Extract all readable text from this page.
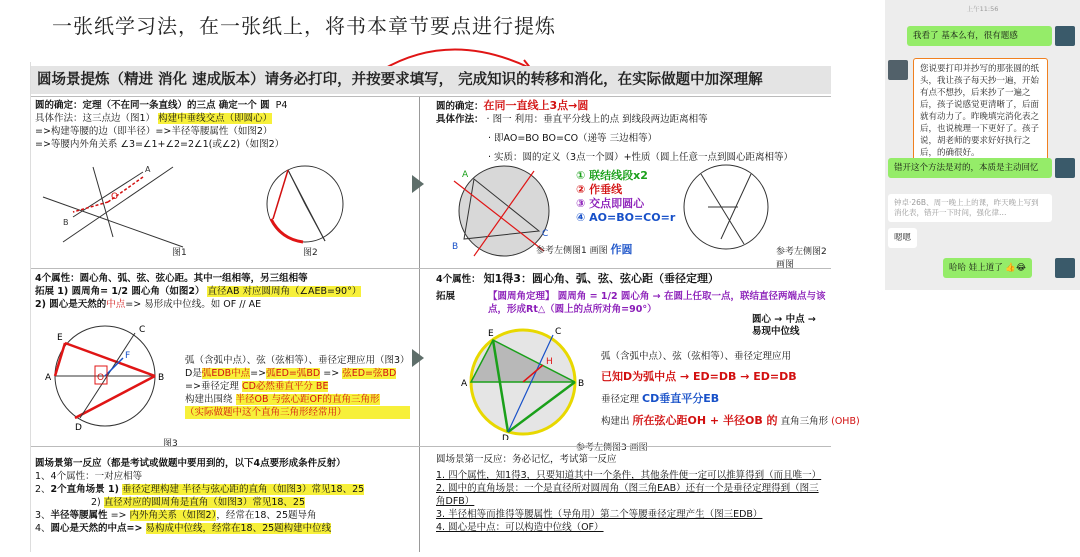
一张纸学习法，在一张纸上，将书本章节要点进行提炼
圆场景提炼（精进 消化 速成版本）请务必打印，并按要求填写， 完成知识的转移和消化，在实际做题中加深理解
圆的确定：定理（不在同一条直线）的三点 确定一个 圆 P4
具体作法：这三点边（图1） 构建中垂线交点（即圆心）
=>构建等腰的边（即半径）=>半径等腰属性（如图2）
=>等腰内外角关系 ∠3=∠1+∠2=2∠1(或∠2)（如图2）
O
B
A
图1	图2
圆的确定：在同一直线上3点→圆
具体作法： · 图一 利用：垂直平分线上的点 到线段两边距离相等
· 即AO=BO BO=CO（递等 三边相等）
· 实质：圆的定义（3点一个圆）+性质（圆上任意一点到圆心距离相等）
A
B
C
① 联结线段x2
② 作垂线
③ 交点即圆心
④ AO=BO=CO=r
参考左侧图1 画图 作圆	参考左侧图2 画图
4个属性：圆心角、弧、弦、弦心距。其中一组相等，另三组相等
拓展 1) 圆周角= 1/2 圆心角（如图2） 直径AB 对应圆周角（∠AEB=90°）
2) 圆心是天然的中点=> 易形成中位线。如 OF // AE
E
C
A	B
D
F
O
图3
弧（含弧中点）、弦（弦相等）、垂径定理应用（图3）
D是弧EDB中点=>弧ED=弧BD => 弦ED=弦BD
=>垂径定理 CD必然垂直平分 BE
构建出围绕 半径OB 与弦心距OF的直角三角形
（实际做题中这个直角三角形经常用）
4个属性： 知1得3：圆心角、弧、弦、弦心距（垂径定理）
拓展	【圆周角定理】 圆周角 = 1/2 圆心角 → 在圆上任取一点，联结直径两端点与该点，形成Rt△（圆上的点所对角=90°）
E	C
A	B
D
H
圆心 → 中点 → 易现中位线
弧（含弧中点）、弦（弦相等）、垂径定理应用
已知D为弧中点 → ED=DB → ED=DB
垂径定理 CD垂直平分EB
构建出 所在弦心距OH + 半径OB 的 直角三角形 (OHB)
参考左侧图3 画图
圆场景第一反应（都是考试或做题中要用到的，以下4点要形成条件反射）
1、4个属性：一对应相等
2、2个直角场景 1) 垂径定理构建 半径与弦心距的直角（如图3）常见18、25
2) 直径对应的圆周角是直角（如图3）常见18、25
3、半径等腰属性 => 内外角关系（如图2），经常在18、25题导角
4、圆心是天然的中点=> 易构成中位线，经常在18、25题构建中位线
圆场景第一反应：务必记忆，考试第一反应
1. 四个属性，知1得3，只要知道其中一个条件，其他条件便一定可以推算得到（而且唯一）
2. 圆中的直角场景：一个是直径所对圆周角（图三角EAB）还有一个是垂径定理得到（图三角DFB）
3. 半径相等而推得等腰属性（导角用）第二个等腰垂径定理产生（图三EDB）
4. 圆心是中点：可以构造中位线（OF）
上午11:56
我看了 基本么有，很有题感
您说要打印并抄写的那张圆的纸头，我让孩子每天抄一遍，开始有点不想抄，后来抄了一遍之后，孩子说感觉更清晰了，后面就有动力了。昨晚填完消化表之后，也说梳理一下更好了。孩子说，胡老师的要求好好执行之后，的确很好。
错开这个方法是对的，本质是主动回忆
钟卓·26B、周一晚上上的课，昨天晚上写到消化表，错开一下时间，强化律…
嗯嗯
哈哈 娃上道了 👍😂
